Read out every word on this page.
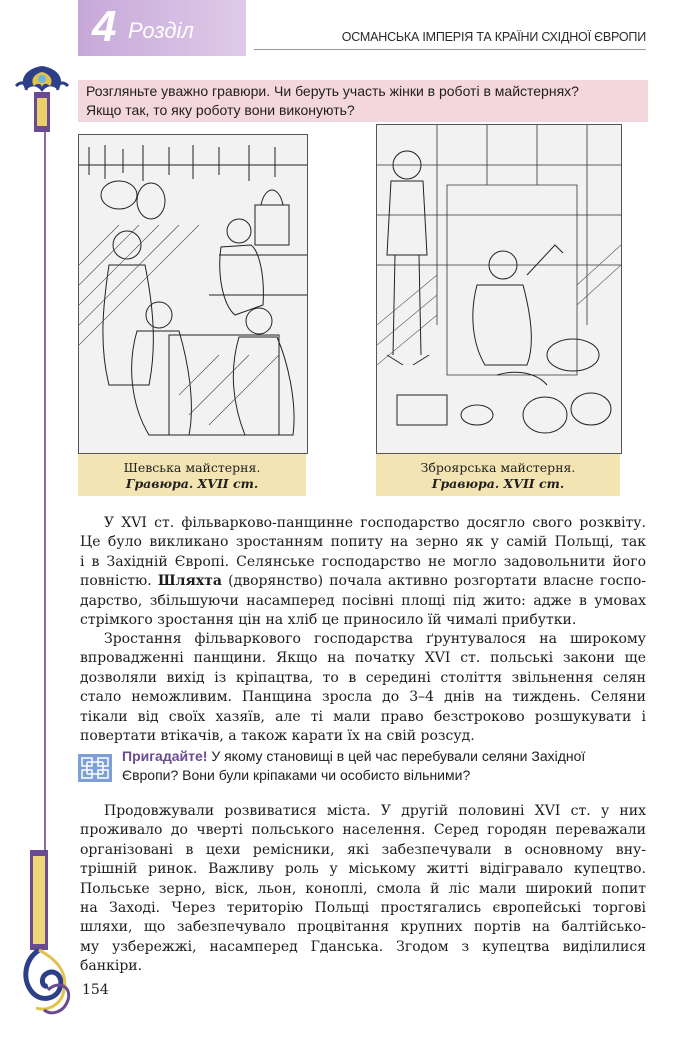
4 Розділ	ОСМАНСЬКА ІМПЕРІЯ ТА КРАЇНИ СХІДНОЇ ЄВРОПИ
Розгляньте уважно гравюри. Чи беруть участь жінки в роботі в майстернях?
Якщо так, то яку роботу вони виконують?
Шевська майстерня.
Гравюра. XVII ст.
Зброярська майстерня.
Гравюра. XVII ст.
У XVI ст. фільварково-панщинне господарство досягло свого розквіту.
Це було викликано зростанням попиту на зерно як у самій Польщі, так
і в Західній Європі. Селянське господарство не могло задовольнити його
повністю. Шляхта (дворянство) почала активно розгортати власне госпо-
дарство, збільшуючи насамперед посівні площі під жито: адже в умовах
стрімкого зростання цін на хліб це приносило їй чималі прибутки.
Зростання фільваркового господарства ґрунтувалося на широкому
впровадженні панщини. Якщо на початку XVI ст. польські закони ще
дозволяли вихід із кріпацтва, то в середині століття звільнення селян
стало неможливим. Панщина зросла до 3–4 днів на тиждень. Селяни
тікали від своїх хазяїв, але ті мали право безстроково розшукувати і
повертати втікачів, а також карати їх на свій розсуд.
Пригадайте! У якому становищі в цей час перебували селяни Західної
Європи? Вони були кріпаками чи особисто вільними?
Продовжували розвиватися міста. У другій половині XVI ст. у них
проживало до чверті польського населення. Серед городян переважали
організовані в цехи ремісники, які забезпечували в основному вну-
трішній ринок. Важливу роль у міському житті відігравало купецтво.
Польське зерно, віск, льон, коноплі, смола й ліс мали широкий попит
на Заході. Через територію Польщі простягались європейські торгові
шляхи, що забезпечувало процвітання крупних портів на балтійсько-
му узбережжі, насамперед Гданська. Згодом з купецтва виділилися
банкіри.
154
